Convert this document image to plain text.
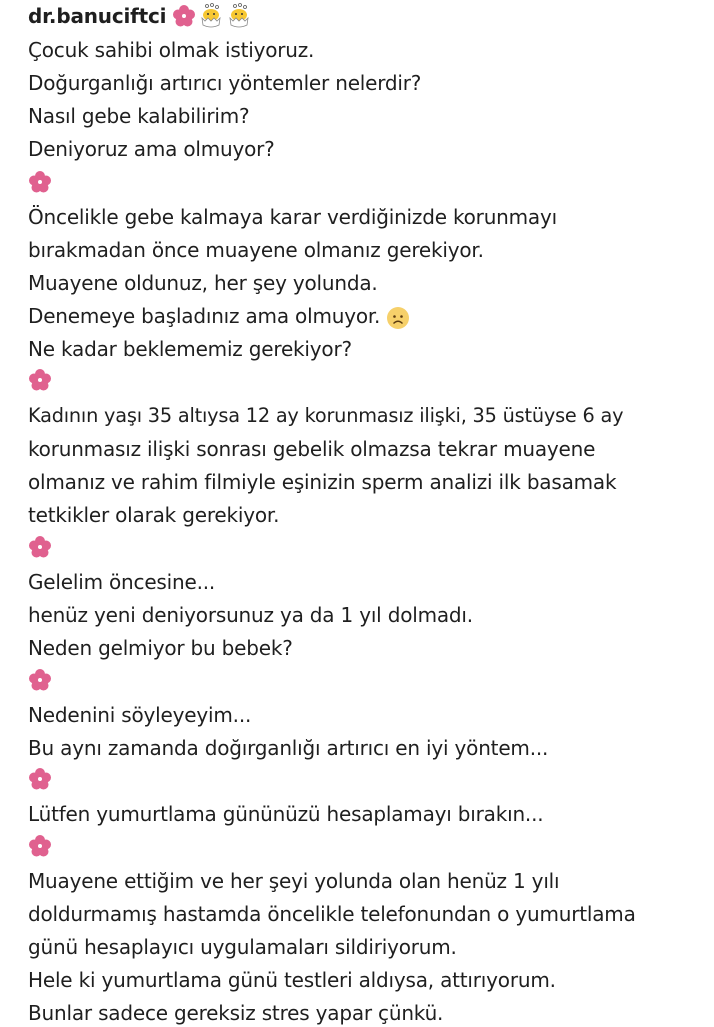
dr.banuciftci
Çocuk sahibi olmak istiyoruz.
Doğurganlığı artırıcı yöntemler nelerdir?
Nasıl gebe kalabilirim?
Deniyoruz ama olmuyor?
Öncelikle gebe kalmaya karar verdiğinizde korunmayı
bırakmadan önce muayene olmanız gerekiyor.
Muayene oldunuz, her şey yolunda.
Denemeye başladınız ama olmuyor.
Ne kadar beklememiz gerekiyor?
Kadının yaşı 35 altıysa 12 ay korunmasız ilişki, 35 üstüyse 6 ay
korunmasız ilişki sonrası gebelik olmazsa tekrar muayene
olmanız ve rahim filmiyle eşinizin sperm analizi ilk basamak
tetkikler olarak gerekiyor.
Gelelim öncesine...
henüz yeni deniyorsunuz ya da 1 yıl dolmadı.
Neden gelmiyor bu bebek?
Nedenini söyleyeyim...
Bu aynı zamanda doğırganlığı artırıcı en iyi yöntem...
Lütfen yumurtlama gününüzü hesaplamayı bırakın...
Muayene ettiğim ve her şeyi yolunda olan henüz 1 yılı
doldurmamış hastamda öncelikle telefonundan o yumurtlama
günü hesaplayıcı uygulamaları sildiriyorum.
Hele ki yumurtlama günü testleri aldıysa, attırıyorum.
Bunlar sadece gereksiz stres yapar çünkü.
